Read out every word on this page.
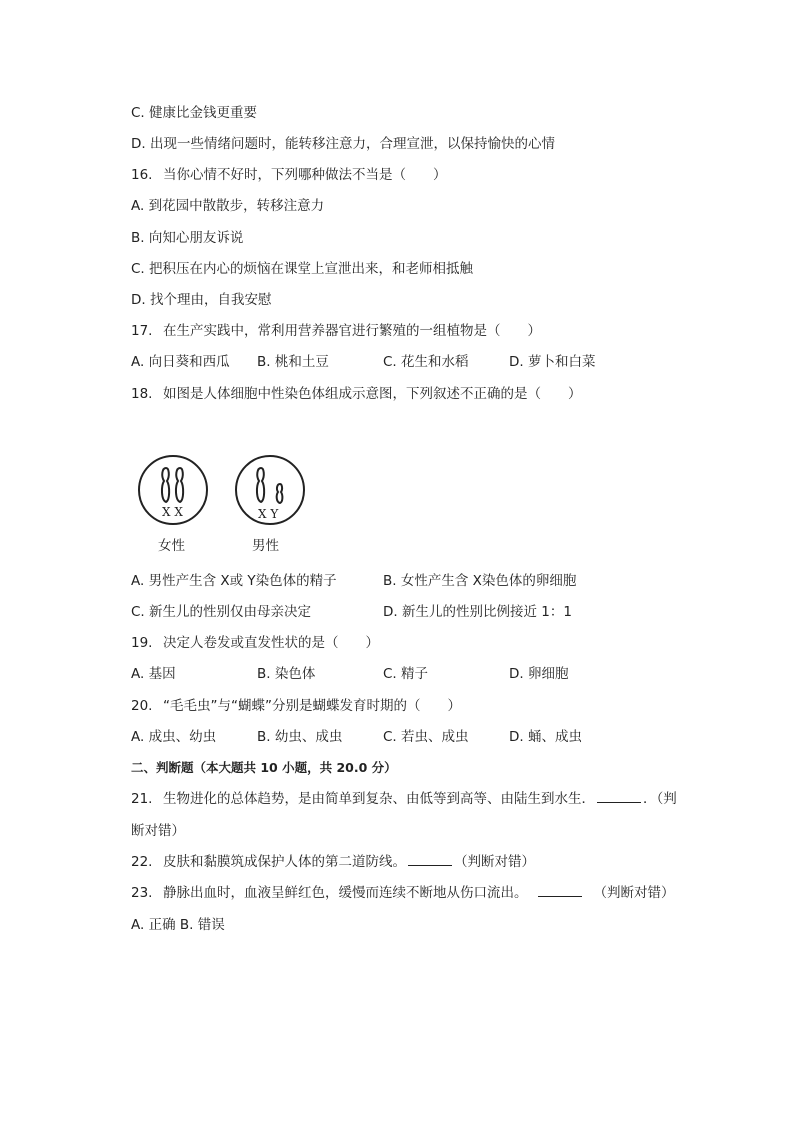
C. 健康比金钱更重要
D. 出现一些情绪问题时，能转移注意力，合理宣泄，以保持愉快的心情
16. 当你心情不好时，下列哪种做法不当是（　　）
A. 到花园中散散步，转移注意力
B. 向知心朋友诉说
C. 把积压在内心的烦恼在课堂上宣泄出来，和老师相抵触
D. 找个理由，自我安慰
17. 在生产实践中，常利用营养器官进行繁殖的一组植物是（　　）
A. 向日葵和西瓜 B. 桃和土豆	C. 花生和水稻	D. 萝卜和白菜
18. 如图是人体细胞中性染色体组成示意图，下列叙述不正确的是（　　）
X X	X Y
女性	男性
A. 男性产生含 X或 Y染色体的精子	B. 女性产生含 X染色体的卵细胞
C. 新生儿的性别仅由母亲决定	D. 新生儿的性别比例接近 1：1
19. 决定人卷发或直发性状的是（　　）
A. 基因	B. 染色体	C. 精子	D. 卵细胞
20. “毛毛虫”与“蝴蝶”分别是蝴蝶发育时期的（　　）
A. 成虫、幼虫	B. 幼虫、成虫	C. 若虫、成虫	D. 蛹、成虫
二、判断题（本大题共 10 小题，共 20.0 分）
21. 生物进化的总体趋势，是由简单到复杂、由低等到高等、由陆生到水生．	．（判
断对错）
22. 皮肤和黏膜筑成保护人体的第二道防线。	（判断对错）
23. 静脉出血时，血液呈鲜红色，缓慢而连续不断地从伤口流出。	（判断对错）
A. 正确 B. 错误
